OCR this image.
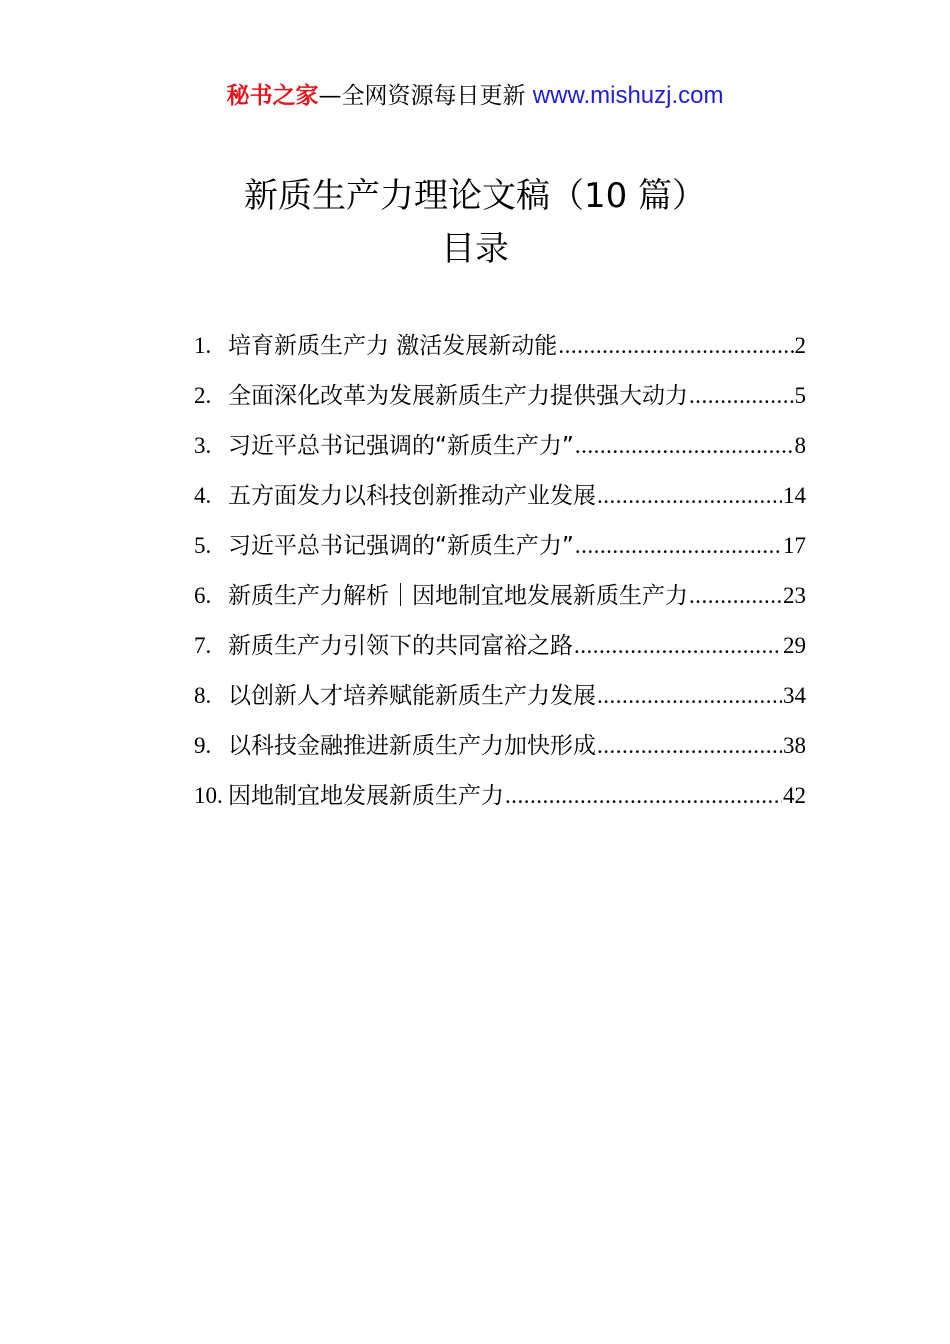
秘书之家—全网资源每日更新 www.mishuzj.com
新质生产力理论文稿（10 篇）
目录
1. 培育新质生产力 激活发展新动能 .....	2
2. 全面深化改革为发展新质生产力提供强大动力 .....	5
3. 习近平总书记强调的“新质生产力” .....	8
4. 五方面发力以科技创新推动产业发展 .....	14
5. 习近平总书记强调的“新质生产力” .....	17
6. 新质生产力解析｜因地制宜地发展新质生产力 .....	23
7. 新质生产力引领下的共同富裕之路 .....	29
8. 以创新人才培养赋能新质生产力发展 .....	34
9. 以科技金融推进新质生产力加快形成 .....	38
10. 因地制宜地发展新质生产力 .....	42
